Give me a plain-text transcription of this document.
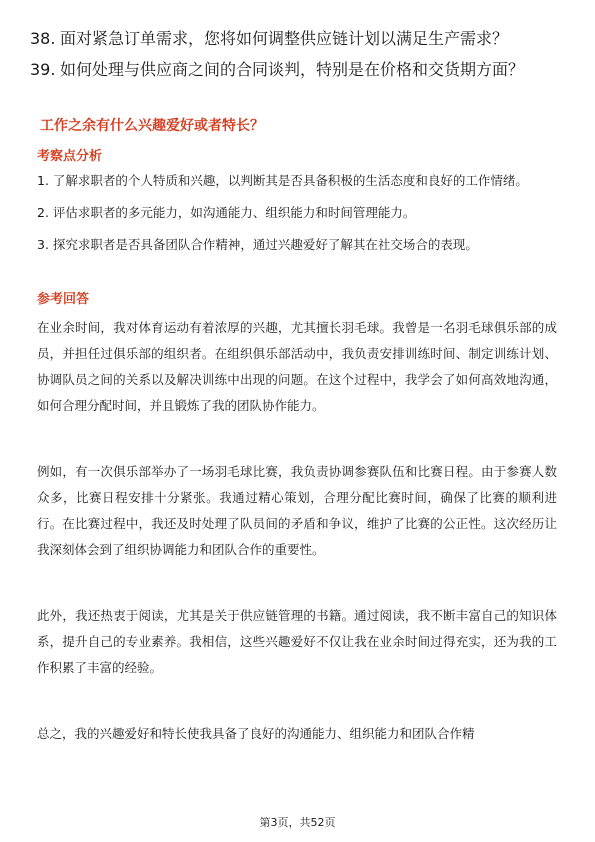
38. 面对紧急订单需求，您将如何调整供应链计划以满足生产需求？
39. 如何处理与供应商之间的合同谈判，特别是在价格和交货期方面？
工作之余有什么兴趣爱好或者特长？
考察点分析
1. 了解求职者的个人特质和兴趣，以判断其是否具备积极的生活态度和良好的工作情绪。
2. 评估求职者的多元能力，如沟通能力、组织能力和时间管理能力。
3. 探究求职者是否具备团队合作精神，通过兴趣爱好了解其在社交场合的表现。
参考回答

在业余时间，我对体育运动有着浓厚的兴趣，尤其擅长羽毛球。我曾是一名羽毛球俱乐部的成员，并担任过俱乐部的组织者。在组织俱乐部活动中，我负责安排训练时间、制定训练计划、协调队员之间的关系以及解决训练中出现的问题。在这个过程中，我学会了如何高效地沟通，如何合理分配时间，并且锻炼了我的团队协作能力。

例如，有一次俱乐部举办了一场羽毛球比赛，我负责协调参赛队伍和比赛日程。由于参赛人数众多，比赛日程安排十分紧张。我通过精心策划，合理分配比赛时间，确保了比赛的顺利进行。在比赛过程中，我还及时处理了队员间的矛盾和争议，维护了比赛的公正性。这次经历让我深刻体会到了组织协调能力和团队合作的重要性。

此外，我还热衷于阅读，尤其是关于供应链管理的书籍。通过阅读，我不断丰富自己的知识体系，提升自己的专业素养。我相信，这些兴趣爱好不仅让我在业余时间过得充实，还为我的工作积累了丰富的经验。

总之，我的兴趣爱好和特长使我具备了良好的沟通能力、组织能力和团队合作精

第3页，共52页
